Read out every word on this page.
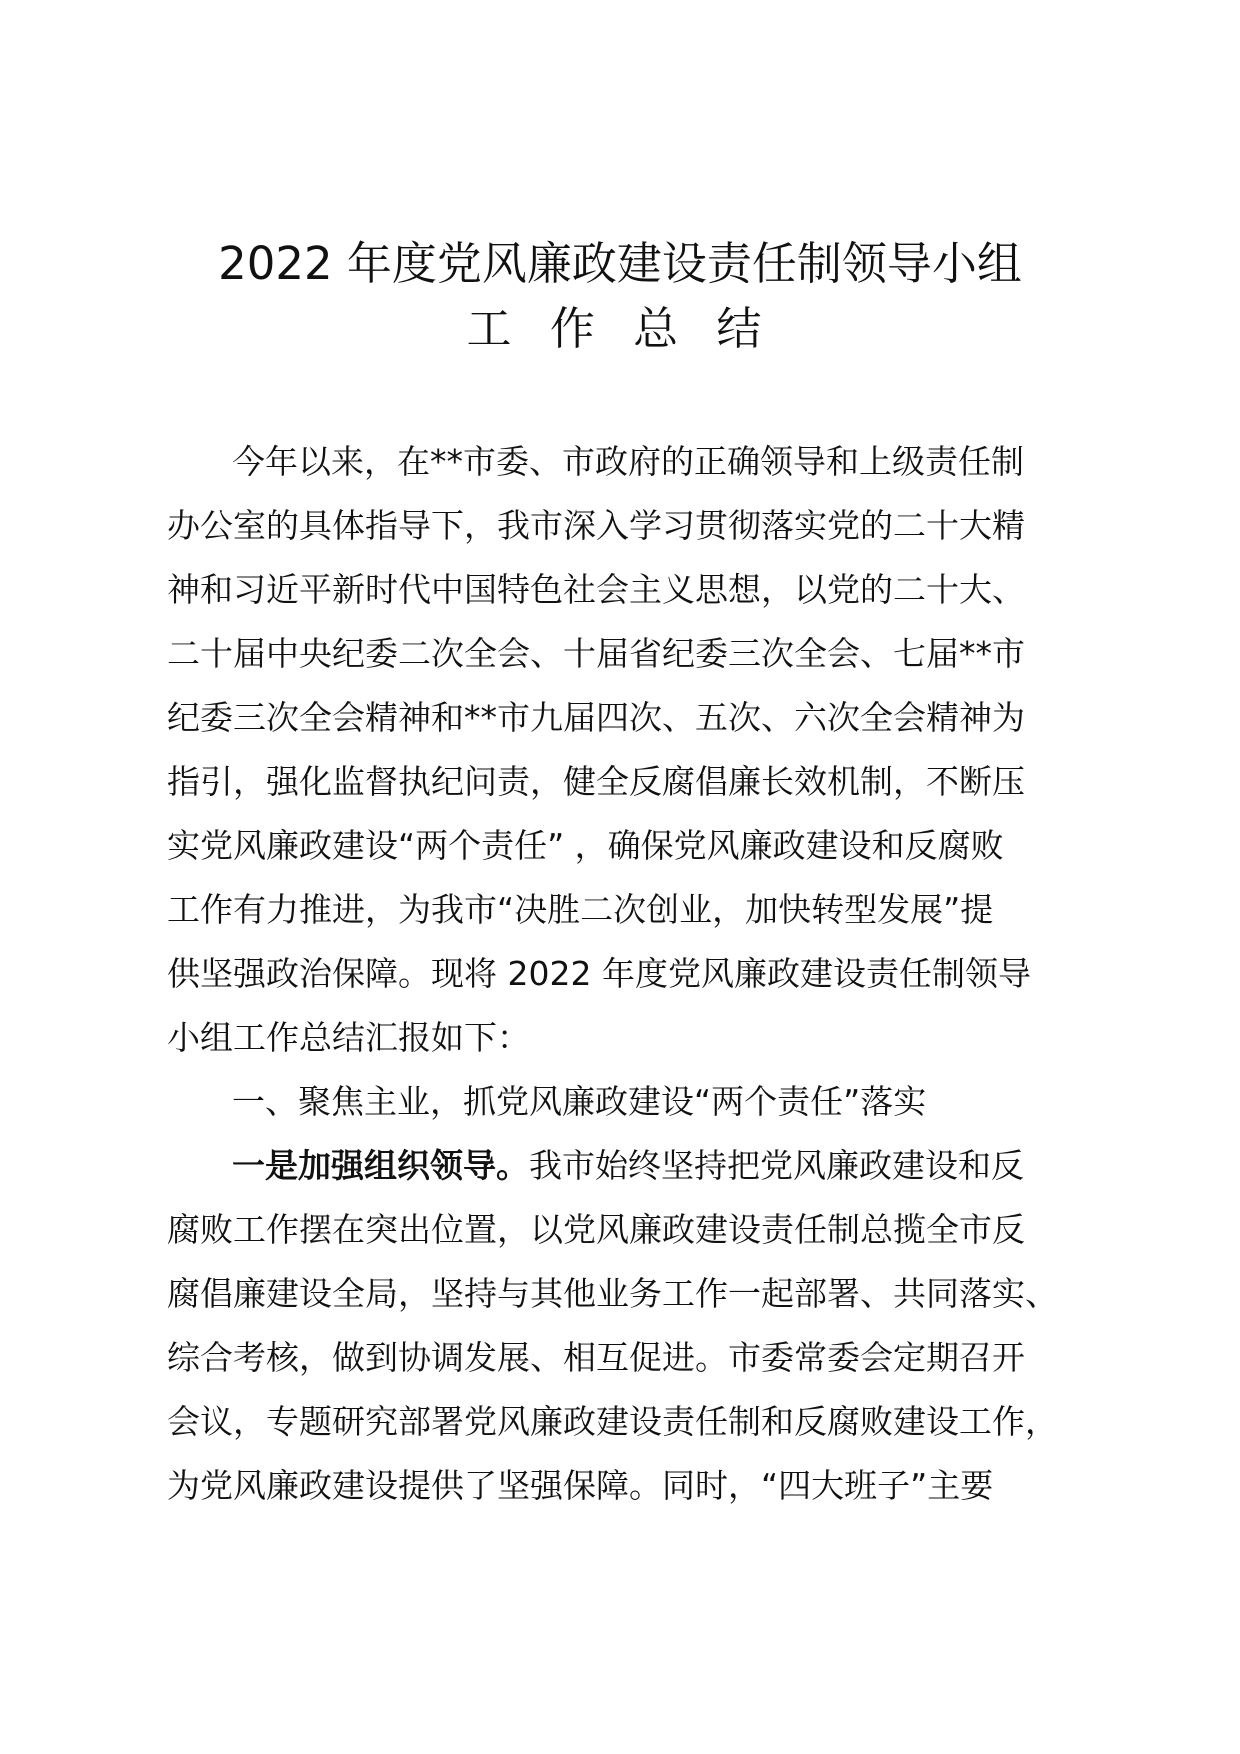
2022 年度党风廉政建设责任制领导小组
工 作 总 结

今年以来，在**市委、市政府的正确领导和上级责任制

办公室的具体指导下，我市深入学习贯彻落实党的二十大精

神和习近平新时代中国特色社会主义思想，以党的二十大、

二十届中央纪委二次全会、十届省纪委三次全会、七届**市

纪委三次全会精神和**市九届四次、五次、六次全会精神为

指引，强化监督执纪问责，健全反腐倡廉长效机制，不断压

实党风廉政建设“两个责任” ，确保党风廉政建设和反腐败

工作有力推进，为我市“决胜二次创业，加快转型发展”提

供坚强政治保障。现将 2022 年度党风廉政建设责任制领导

小组工作总结汇报如下：

一、聚焦主业，抓党风廉政建设“两个责任”落实

一是加强组织领导。我市始终坚持把党风廉政建设和反

腐败工作摆在突出位置，以党风廉政建设责任制总揽全市反

腐倡廉建设全局，坚持与其他业务工作一起部署、共同落实、

综合考核，做到协调发展、相互促进。市委常委会定期召开

会议，专题研究部署党风廉政建设责任制和反腐败建设工作，

为党风廉政建设提供了坚强保障。同时，“四大班子”主要
